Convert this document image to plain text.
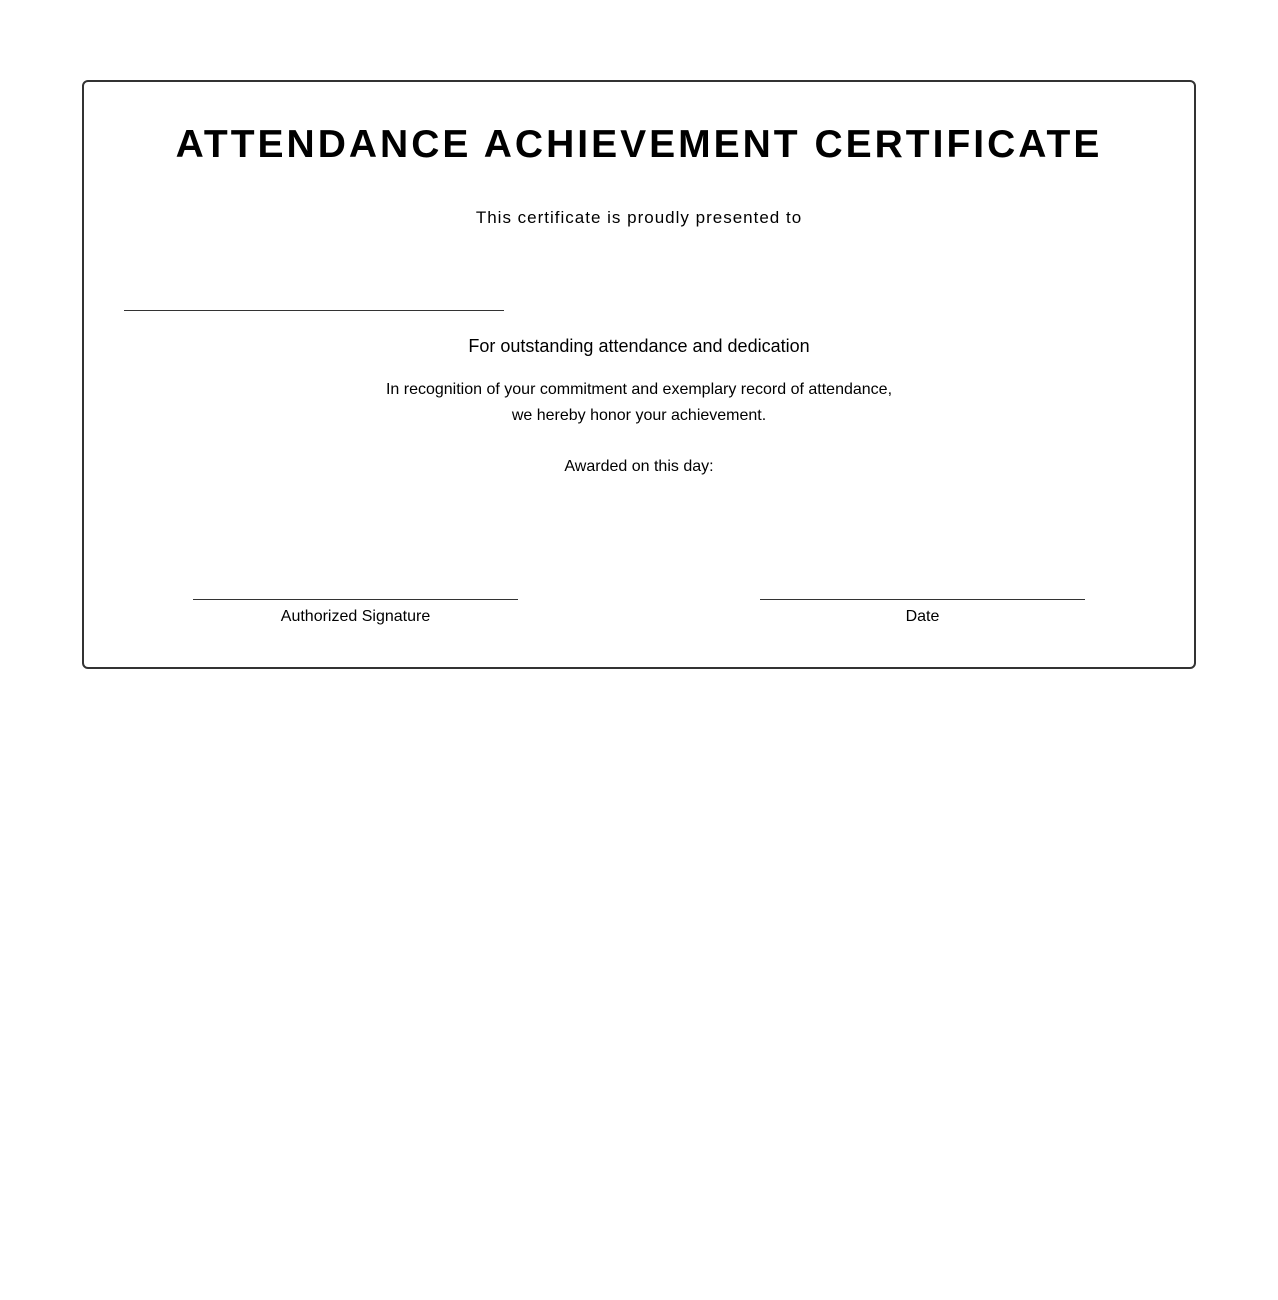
ATTENDANCE ACHIEVEMENT CERTIFICATE
This certificate is proudly presented to
For outstanding attendance and dedication
In recognition of your commitment and exemplary record of attendance,
we hereby honor your achievement.
Awarded on this day:
Authorized Signature	Date
